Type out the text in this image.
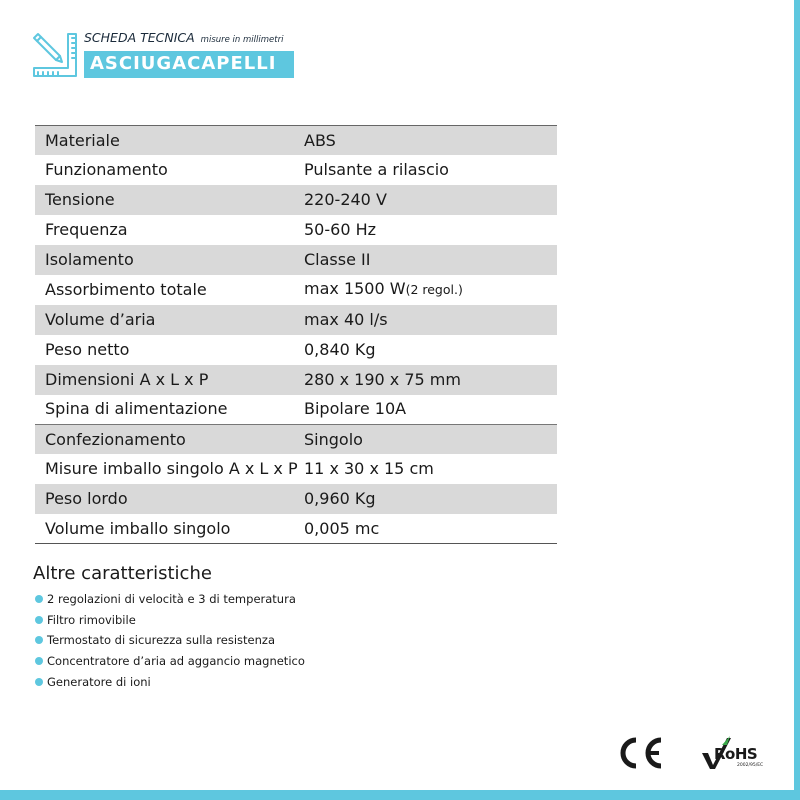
SCHEDA TECNICA misure in millimetri
ASCIUGACAPELLI
Materiale	ABS
Funzionamento	Pulsante a rilascio
Tensione	220-240 V
Frequenza	50-60 Hz
Isolamento	Classe II
Assorbimento totale	max 1500 W(2 regol.)
Volume d’aria	max 40 l/s
Peso netto	0,840 Kg
Dimensioni A x L x P	280 x 190 x 75 mm
Spina di alimentazione	Bipolare 10A
Confezionamento	Singolo
Misure imballo singolo A x L x P	11 x 30 x 15 cm
Peso lordo	0,960 Kg
Volume imballo singolo	0,005 mc
Altre caratteristiche
2 regolazioni di velocità e 3 di temperatura
Filtro rimovibile
Termostato di sicurezza sulla resistenza
Concentratore d’aria ad aggancio magnetico
Generatore di ioni
RoHS
2002/95/EC
